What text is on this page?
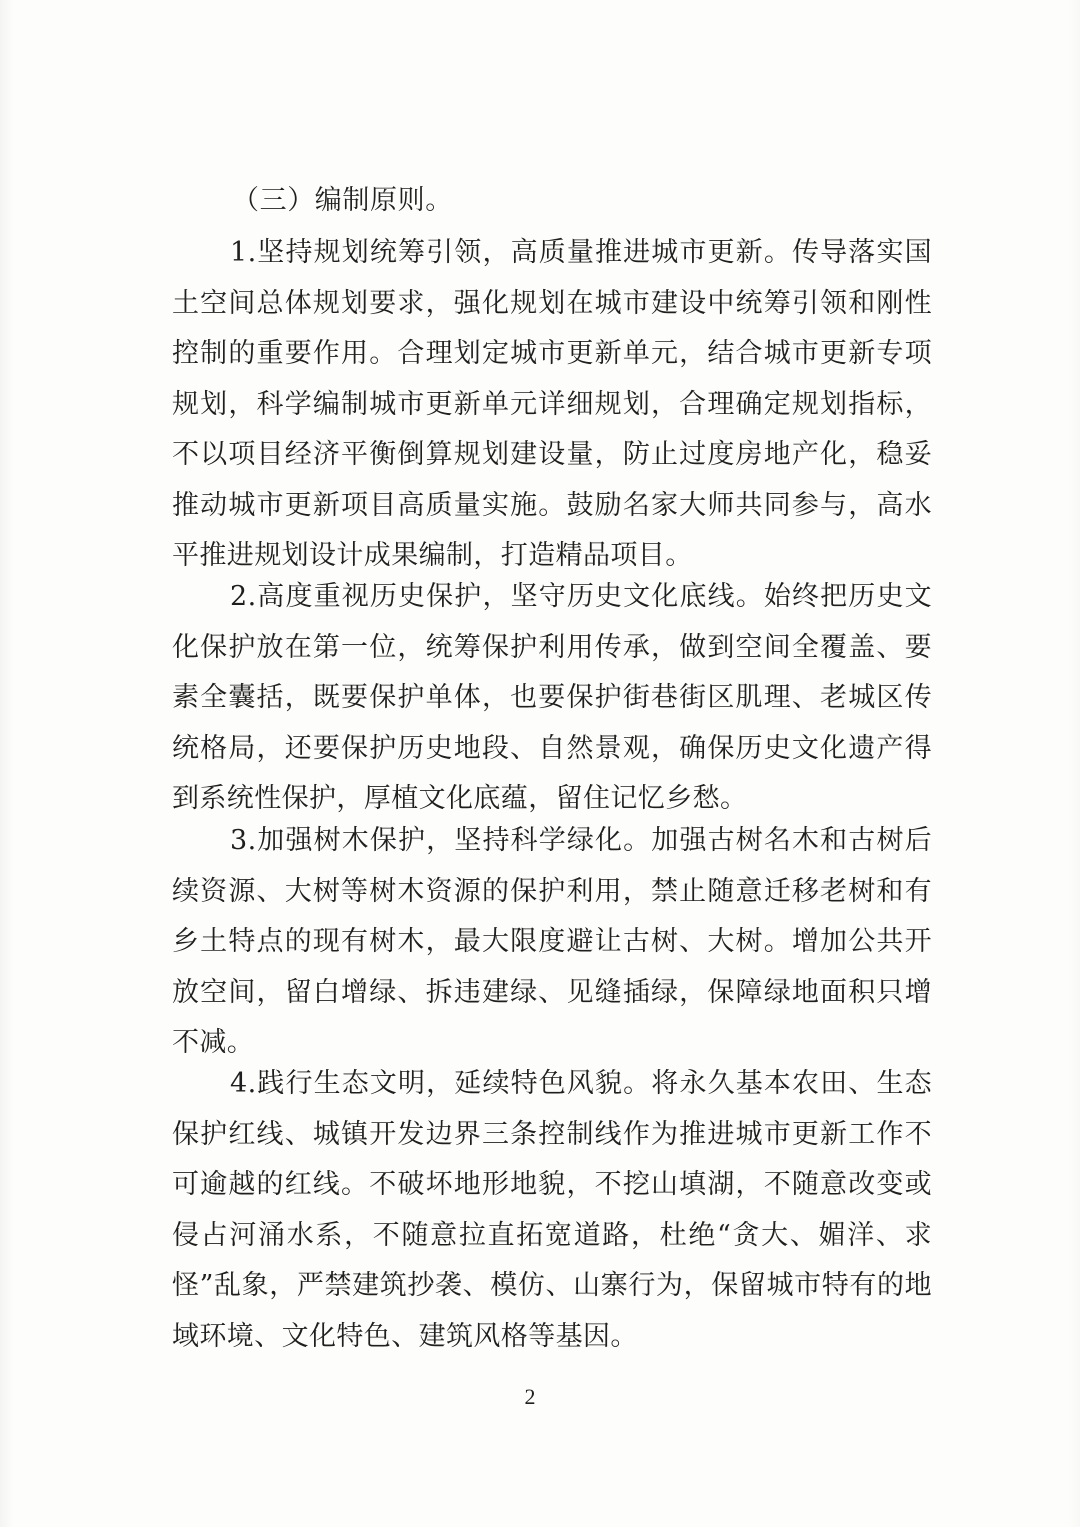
（三）编制原则。

1.坚持规划统筹引领，高质量推进城市更新。传导落实国土空间总体规划要求，强化规划在城市建设中统筹引领和刚性控制的重要作用。合理划定城市更新单元，结合城市更新专项规划，科学编制城市更新单元详细规划，合理确定规划指标，不以项目经济平衡倒算规划建设量，防止过度房地产化，稳妥推动城市更新项目高质量实施。鼓励名家大师共同参与，高水平推进规划设计成果编制，打造精品项目。

2.高度重视历史保护，坚守历史文化底线。始终把历史文化保护放在第一位，统筹保护利用传承，做到空间全覆盖、要素全囊括，既要保护单体，也要保护街巷街区肌理、老城区传统格局，还要保护历史地段、自然景观，确保历史文化遗产得到系统性保护，厚植文化底蕴，留住记忆乡愁。

3.加强树木保护，坚持科学绿化。加强古树名木和古树后续资源、大树等树木资源的保护利用，禁止随意迁移老树和有乡土特点的现有树木，最大限度避让古树、大树。增加公共开放空间，留白增绿、拆违建绿、见缝插绿，保障绿地面积只增不减。

4.践行生态文明，延续特色风貌。将永久基本农田、生态保护红线、城镇开发边界三条控制线作为推进城市更新工作不可逾越的红线。不破坏地形地貌，不挖山填湖，不随意改变或侵占河涌水系，不随意拉直拓宽道路，杜绝“贪大、媚洋、求怪”乱象，严禁建筑抄袭、模仿、山寨行为，保留城市特有的地域环境、文化特色、建筑风格等基因。

2
